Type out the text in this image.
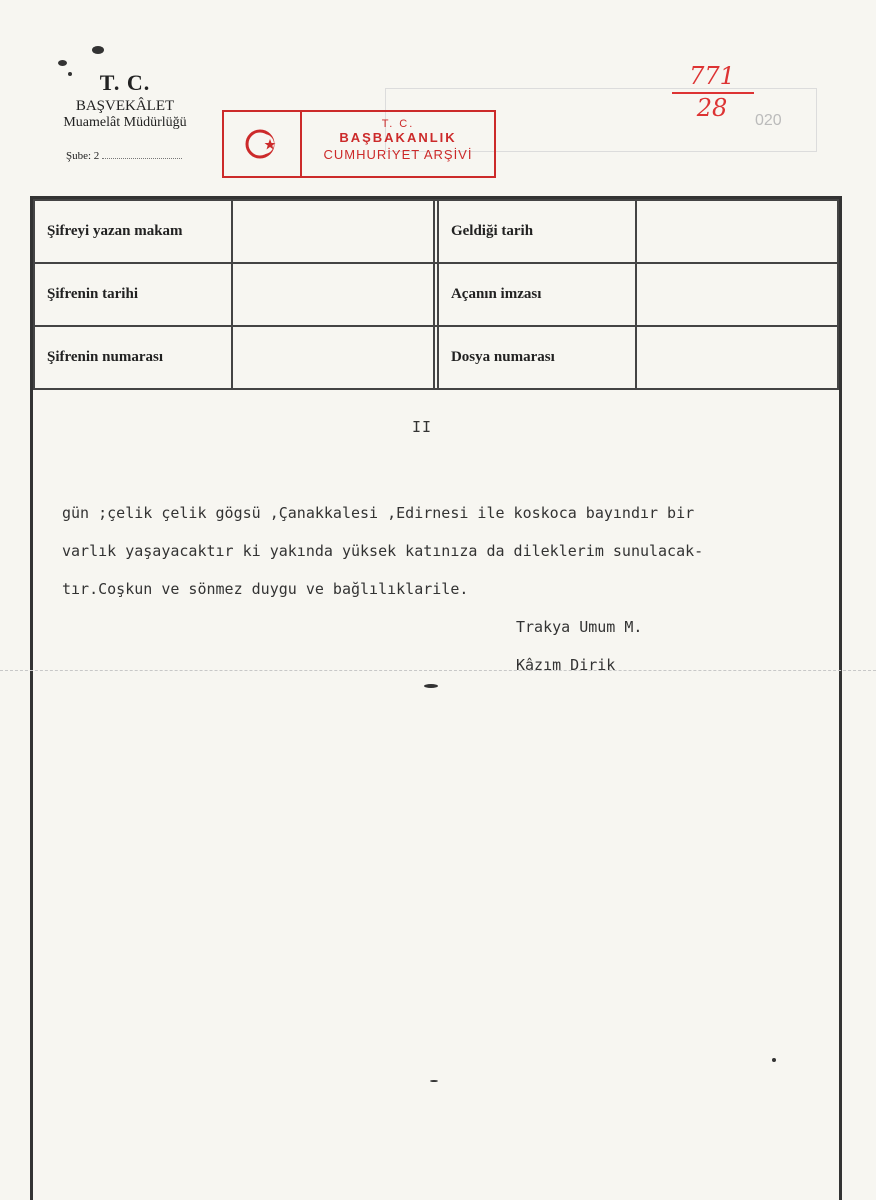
T. C.
BAŞVEKÂLET
Muamelât Müdürlüğü
Şube: 2
T. C.
BAŞBAKANLIK
CUMHURİYET ARŞİVİ
771
28	020
Şifreyi yazan makam			Geldiği tarih	
Şifrenin tarihi			Açanın imzası	
Şifrenin numarası			Dosya numarası	
II
gün ;çelik çelik gögsü ,Çanakkalesi ,Edirnesi ile koskoca bayındır bir
varlık yaşayacaktır ki yakında yüksek katınıza da dileklerim sunulacak-
tır.Coşkun ve sönmez duygu ve bağlılıklarile.
Trakya Umum M.
Kâzım Dirik
